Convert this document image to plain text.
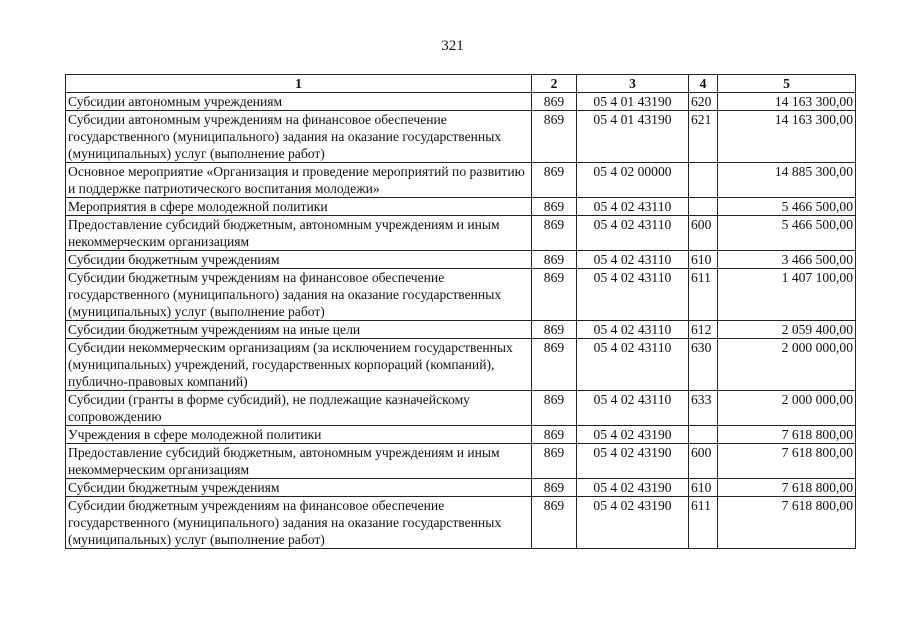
321
1	2	3	4	5
Субсидии автономным учреждениям	869	05 4 01 43190	620	14 163 300,00
Субсидии автономным учреждениям на финансовое обеспечение государственного (муниципального) задания на оказание государственных (муниципальных) услуг (выполнение работ)	869	05 4 01 43190	621	14 163 300,00
Основное мероприятие «Организация и проведение мероприятий по развитию и поддержке патриотического воспитания молодежи»	869	05 4 02 00000		14 885 300,00
Мероприятия в сфере молодежной политики	869	05 4 02 43110		5 466 500,00
Предоставление субсидий бюджетным, автономным учреждениям и иным некоммерческим организациям	869	05 4 02 43110	600	5 466 500,00
Субсидии бюджетным учреждениям	869	05 4 02 43110	610	3 466 500,00
Субсидии бюджетным учреждениям на финансовое обеспечение государственного (муниципального) задания на оказание государственных (муниципальных) услуг (выполнение работ)	869	05 4 02 43110	611	1 407 100,00
Субсидии бюджетным учреждениям на иные цели	869	05 4 02 43110	612	2 059 400,00
Субсидии некоммерческим организациям (за исключением государственных (муниципальных) учреждений, государственных корпораций (компаний), публично-правовых компаний)	869	05 4 02 43110	630	2 000 000,00
Субсидии (гранты в форме субсидий), не подлежащие казначейскому сопровождению	869	05 4 02 43110	633	2 000 000,00
Учреждения в сфере молодежной политики	869	05 4 02 43190		7 618 800,00
Предоставление субсидий бюджетным, автономным учреждениям и иным некоммерческим организациям	869	05 4 02 43190	600	7 618 800,00
Субсидии бюджетным учреждениям	869	05 4 02 43190	610	7 618 800,00
Субсидии бюджетным учреждениям на финансовое обеспечение государственного (муниципального) задания на оказание государственных (муниципальных) услуг (выполнение работ)	869	05 4 02 43190	611	7 618 800,00
